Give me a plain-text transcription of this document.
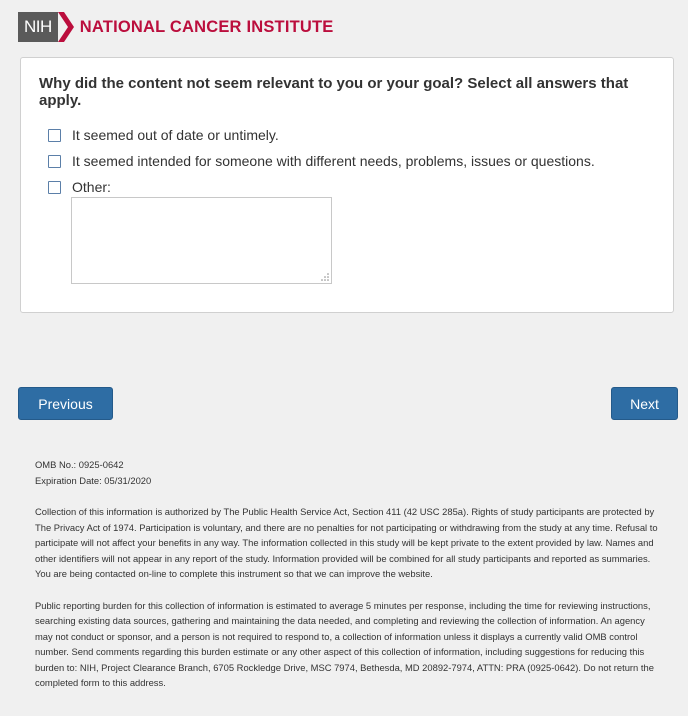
NIH	NATIONAL CANCER INSTITUTE
Why did the content not seem relevant to you or your goal? Select all answers that apply.
It seemed out of date or untimely.
It seemed intended for someone with different needs, problems, issues or questions.
Other:
Previous	Next

OMB No.: 0925-0642

Expiration Date: 05/31/2020

Collection of this information is authorized by The Public Health Service Act, Section 411 (42 USC 285a). Rights of study participants are protected by The Privacy Act of 1974. Participation is voluntary, and there are no penalties for not participating or withdrawing from the study at any time. Refusal to participate will not affect your benefits in any way. The information collected in this study will be kept private to the extent provided by law. Names and other identifiers will not appear in any report of the study. Information provided will be combined for all study participants and reported as summaries. You are being contacted on-line to complete this instrument so that we can improve the website.

Public reporting burden for this collection of information is estimated to average 5 minutes per response, including the time for reviewing instructions, searching existing data sources, gathering and maintaining the data needed, and completing and reviewing the collection of information. An agency may not conduct or sponsor, and a person is not required to respond to, a collection of information unless it displays a currently valid OMB control number. Send comments regarding this burden estimate or any other aspect of this collection of information, including suggestions for reducing this burden to: NIH, Project Clearance Branch, 6705 Rockledge Drive, MSC 7974, Bethesda, MD 20892-7974, ATTN: PRA (0925-0642). Do not return the completed form to this address.
